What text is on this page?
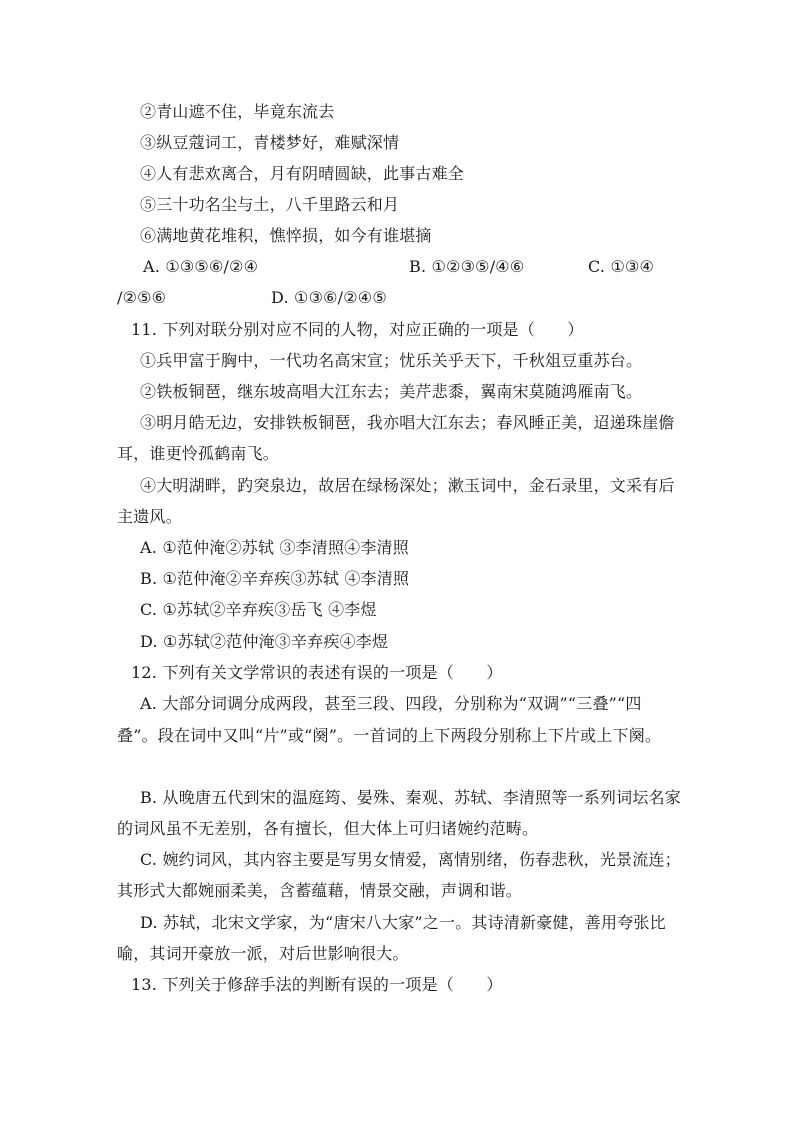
②青山遮不住，毕竟东流去
③纵豆蔻词工，青楼梦好，难赋深情
④人有悲欢离合，月有阴晴圆缺，此事古难全
⑤三十功名尘与土，八千里路云和月
⑥满地黄花堆积，憔悴损，如今有谁堪摘
A. ①③⑤⑥/②④	B. ①②③⑤/④⑥	C. ①③④
/②⑤⑥	D. ①③⑥/②④⑤
11. 下列对联分别对应不同的人物，对应正确的一项是（　　）
①兵甲富于胸中，一代功名高宋宣；忧乐关乎天下，千秋俎豆重苏台。
②铁板铜琶，继东坡高唱大江东去；美芹悲黍，翼南宋莫随鸿雁南飞。
③明月皓无边，安排铁板铜琶，我亦唱大江东去；春风睡正美，迢递珠崖儋
耳，谁更怜孤鹤南飞。
④大明湖畔，趵突泉边，故居在绿杨深处；漱玉词中，金石录里，文采有后
主遗风。
A. ①范仲淹②苏轼 ③李清照④李清照
B. ①范仲淹②辛弃疾③苏轼 ④李清照
C. ①苏轼②辛弃疾③岳飞 ④李煜
D. ①苏轼②范仲淹③辛弃疾④李煜
12. 下列有关文学常识的表述有误的一项是（　　）
A. 大部分词调分成两段，甚至三段、四段，分别称为“双调”“三叠”“四
叠”。段在词中又叫“片”或“阕”。一首词的上下两段分别称上下片或上下阕。
B. 从晚唐五代到宋的温庭筠、晏殊、秦观、苏轼、李清照等一系列词坛名家
的词风虽不无差别，各有擅长，但大体上可归诸婉约范畴。
C. 婉约词风，其内容主要是写男女情爱，离情别绪，伤春悲秋，光景流连；
其形式大都婉丽柔美，含蓄蕴藉，情景交融，声调和谐。
D. 苏轼，北宋文学家，为“唐宋八大家”之一。其诗清新豪健，善用夸张比
喻，其词开豪放一派，对后世影响很大。
13. 下列关于修辞手法的判断有误的一项是（　　）
